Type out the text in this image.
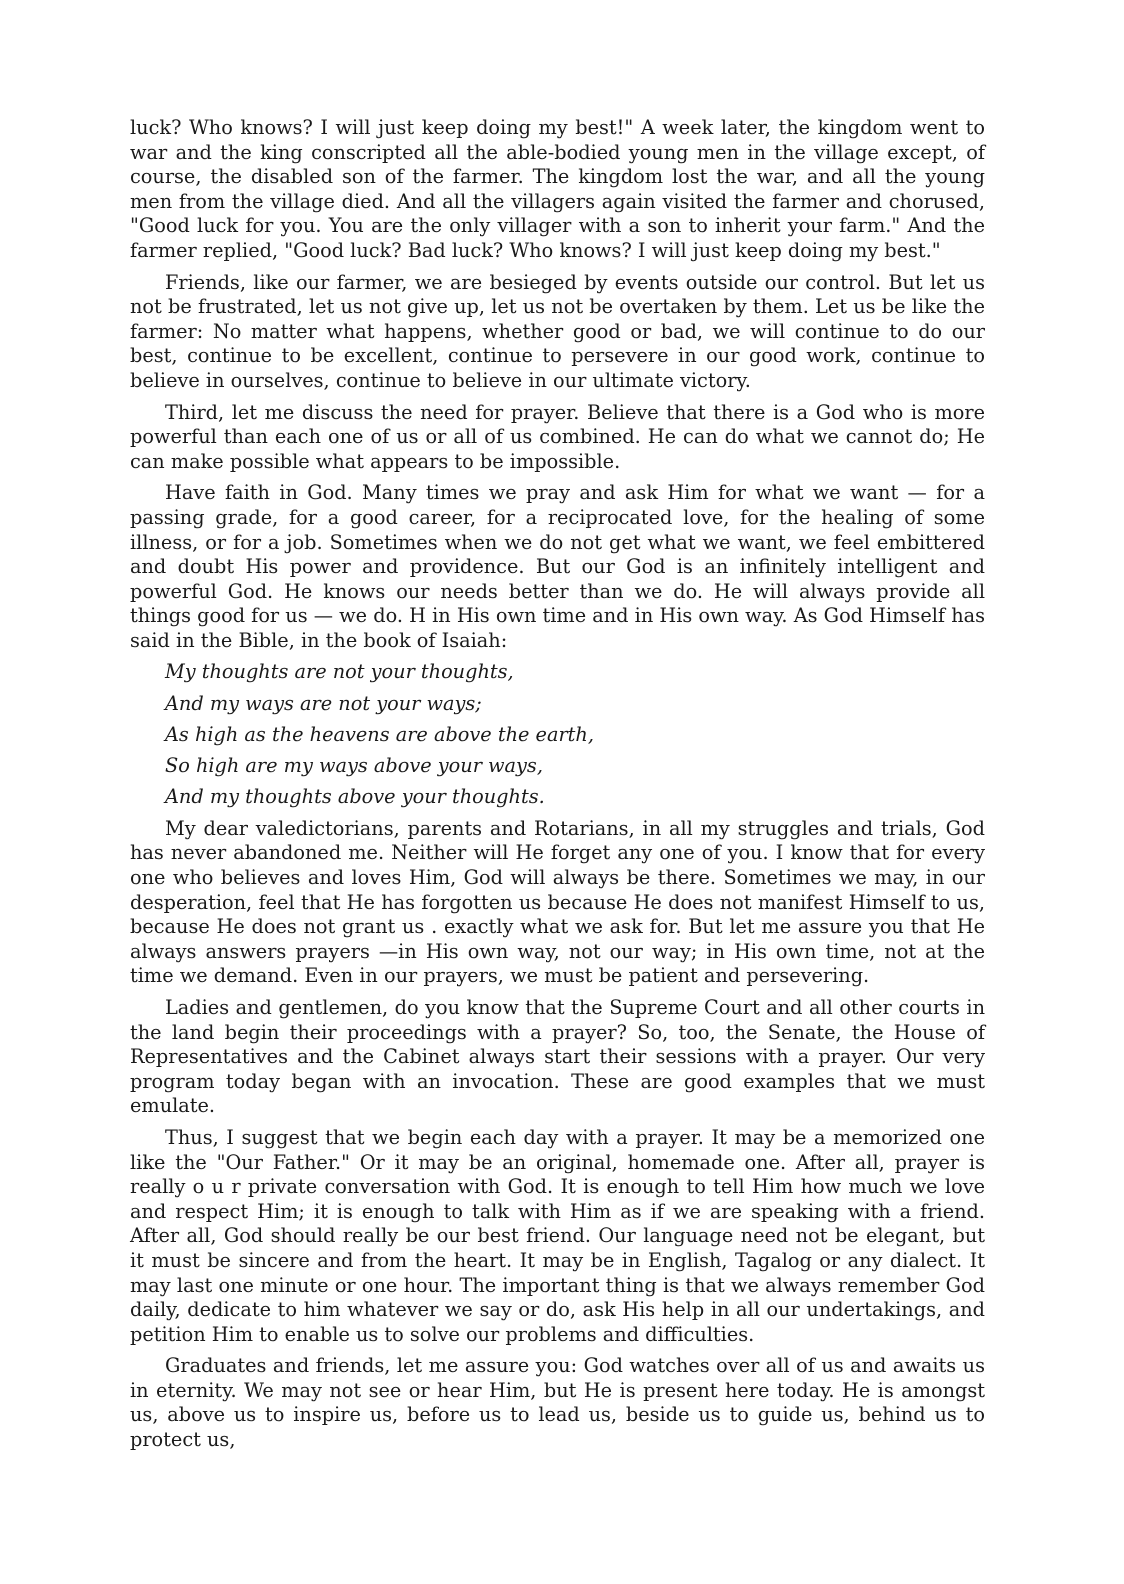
luck? Who knows? I will just keep doing my best!" A week later, the kingdom went to war and the king conscripted all the able-bodied young men in the village except, of course, the disabled son of the farmer. The kingdom lost the war, and all the young men from the village died. And all the villagers again visited the farmer and chorused, "Good luck for you. You are the only villager with a son to inherit your farm." And the farmer replied, "Good luck? Bad luck? Who knows? I will just keep doing my best."

Friends, like our farmer, we are besieged by events outside our control. But let us not be frustrated, let us not give up, let us not be overtaken by them. Let us be like the farmer: No matter what happens, whether good or bad, we will continue to do our best, continue to be excellent, continue to persevere in our good work, continue to believe in ourselves, continue to believe in our ultimate victory.

Third, let me discuss the need for prayer. Believe that there is a God who is more powerful than each one of us or all of us combined. He can do what we cannot do; He can make possible what appears to be impossible.

Have faith in God. Many times we pray and ask Him for what we want — for a passing grade, for a good career, for a reciprocated love, for the healing of some illness, or for a job. Sometimes when we do not get what we want, we feel embittered and doubt His power and providence. But our God is an infinitely intelligent and powerful God. He knows our needs better than we do. He will always provide all things good for us — we do. H in His own time and in His own way. As God Himself has said in the Bible, in the book of Isaiah:

My thoughts are not your thoughts,
And my ways are not your ways;
As high as the heavens are above the earth,
So high are my ways above your ways,
And my thoughts above your thoughts.

My dear valedictorians, parents and Rotarians, in all my struggles and trials, God has never abandoned me. Neither will He forget any one of you. I know that for every one who believes and loves Him, God will always be there. Sometimes we may, in our desperation, feel that He has forgotten us because He does not manifest Himself to us, because He does not grant us . exactly what we ask for. But let me assure you that He always answers prayers —in His own way, not our way; in His own time, not at the time we demand. Even in our prayers, we must be patient and persevering.

Ladies and gentlemen, do you know that the Supreme Court and all other courts in the land begin their proceedings with a prayer? So, too, the Senate, the House of Representatives and the Cabinet always start their sessions with a prayer. Our very program today began with an invocation. These are good examples that we must emulate.

Thus, I suggest that we begin each day with a prayer. It may be a memorized one like the "Our Father." Or it may be an original, homemade one. After all, prayer is really o u r private conversation with God. It is enough to tell Him how much we love and respect Him; it is enough to talk with Him as if we are speaking with a friend. After all, God should really be our best friend. Our language need not be elegant, but it must be sincere and from the heart. It may be in English, Tagalog or any dialect. It may last one minute or one hour. The important thing is that we always remember God daily, dedicate to him whatever we say or do, ask His help in all our undertakings, and petition Him to enable us to solve our problems and difficulties.

Graduates and friends, let me assure you: God watches over all of us and awaits us in eternity. We may not see or hear Him, but He is present here today. He is amongst us, above us to inspire us, before us to lead us, beside us to guide us, behind us to protect us,
